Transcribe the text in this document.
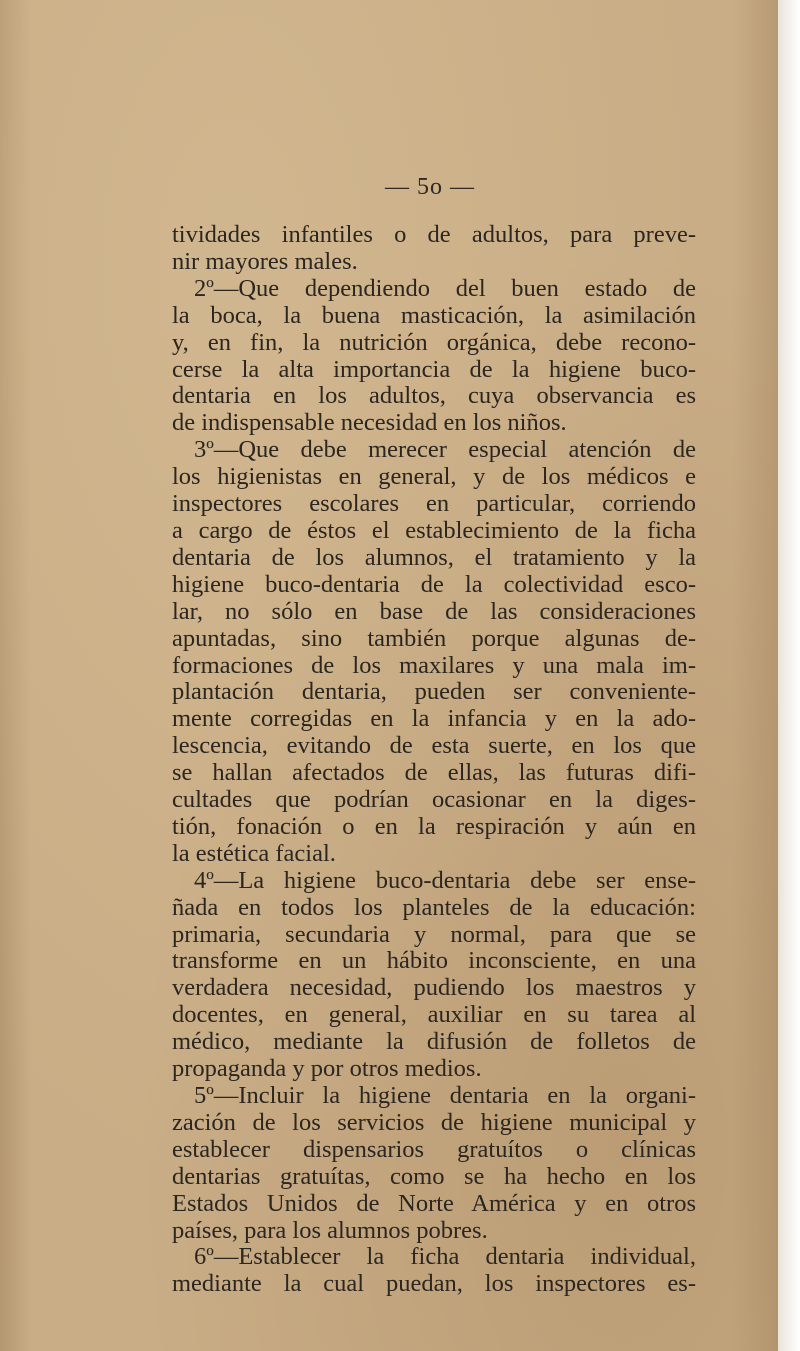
— 5o —
tividades infantiles o de adultos, para preve-
nir mayores males.
2º—Que dependiendo del buen estado de
la boca, la buena masticación, la asimilación
y, en fin, la nutrición orgánica, debe recono-
cerse la alta importancia de la higiene buco-
dentaria en los adultos, cuya observancia es
de indispensable necesidad en los niños.
3º—Que debe merecer especial atención de
los higienistas en general, y de los médicos e
inspectores escolares en particular, corriendo
a cargo de éstos el establecimiento de la ficha
dentaria de los alumnos, el tratamiento y la
higiene buco-dentaria de la colectividad esco-
lar, no sólo en base de las consideraciones
apuntadas, sino también porque algunas de-
formaciones de los maxilares y una mala im-
plantación dentaria, pueden ser conveniente-
mente corregidas en la infancia y en la ado-
lescencia, evitando de esta suerte, en los que
se hallan afectados de ellas, las futuras difi-
cultades que podrían ocasionar en la diges-
tión, fonación o en la respiración y aún en
la estética facial.
4º—La higiene buco-dentaria debe ser ense-
ñada en todos los planteles de la educación:
primaria, secundaria y normal, para que se
transforme en un hábito inconsciente, en una
verdadera necesidad, pudiendo los maestros y
docentes, en general, auxiliar en su tarea al
médico, mediante la difusión de folletos de
propaganda y por otros medios.
5º—Incluir la higiene dentaria en la organi-
zación de los servicios de higiene municipal y
establecer dispensarios gratuítos o clínicas
dentarias gratuítas, como se ha hecho en los
Estados Unidos de Norte América y en otros
países, para los alumnos pobres.
6º—Establecer la ficha dentaria individual,
mediante la cual puedan, los inspectores es-
